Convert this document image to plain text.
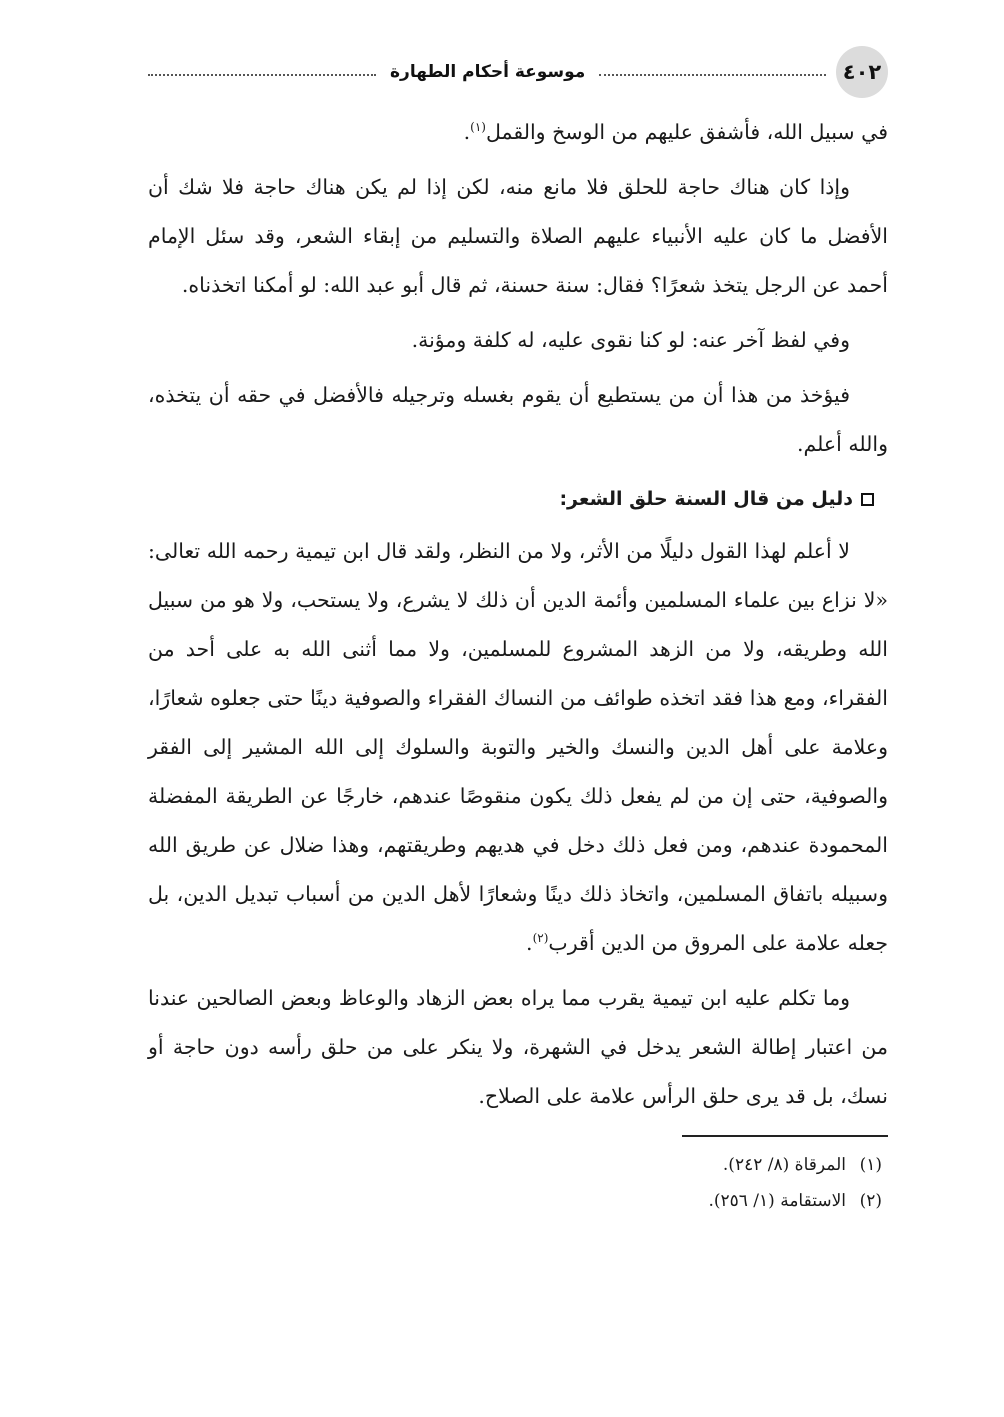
٤٠٢
موسوعة أحكام الطهارة

في سبيل الله، فأشفق عليهم من الوسخ والقمل$^{(١)}$.

وإذا كان هناك حاجة للحلق فلا مانع منه، لكن إذا لم يكن هناك حاجة فلا شك أن الأفضل ما كان عليه الأنبياء عليهم الصلاة والتسليم من إبقاء الشعر، وقد سئل الإمام أحمد عن الرجل يتخذ شعرًا؟ فقال: سنة حسنة، ثم قال أبو عبد الله: لو أمكنا اتخذناه.

وفي لفظ آخر عنه: لو كنا نقوى عليه، له كلفة ومؤنة.

فيؤخذ من هذا أن من يستطيع أن يقوم بغسله وترجيله فالأفضل في حقه أن يتخذه، والله أعلم.

دليل من قال السنة حلق الشعر:

لا أعلم لهذا القول دليلًا من الأثر، ولا من النظر، ولقد قال ابن تيمية رحمه الله تعالى: «لا نزاع بين علماء المسلمين وأئمة الدين أن ذلك لا يشرع، ولا يستحب، ولا هو من سبيل الله وطريقه، ولا من الزهد المشروع للمسلمين، ولا مما أثنى الله به على أحد من الفقراء، ومع هذا فقد اتخذه طوائف من النساك الفقراء والصوفية دينًا حتى جعلوه شعارًا، وعلامة على أهل الدين والنسك والخير والتوبة والسلوك إلى الله المشير إلى الفقر والصوفية، حتى إن من لم يفعل ذلك يكون منقوصًا عندهم، خارجًا عن الطريقة المفضلة المحمودة عندهم، ومن فعل ذلك دخل في هديهم وطريقتهم، وهذا ضلال عن طريق الله وسبيله باتفاق المسلمين، واتخاذ ذلك دينًا وشعارًا لأهل الدين من أسباب تبديل الدين، بل جعله علامة على المروق من الدين أقرب$^{(٢)}$.

وما تكلم عليه ابن تيمية يقرب مما يراه بعض الزهاد والوعاظ وبعض الصالحين عندنا من اعتبار إطالة الشعر يدخل في الشهرة، ولا ينكر على من حلق رأسه دون حاجة أو نسك، بل قد يرى حلق الرأس علامة على الصلاح.

(١)المرقاة (٨/ ٢٤٢).

(٢)الاستقامة (١/ ٢٥٦).
